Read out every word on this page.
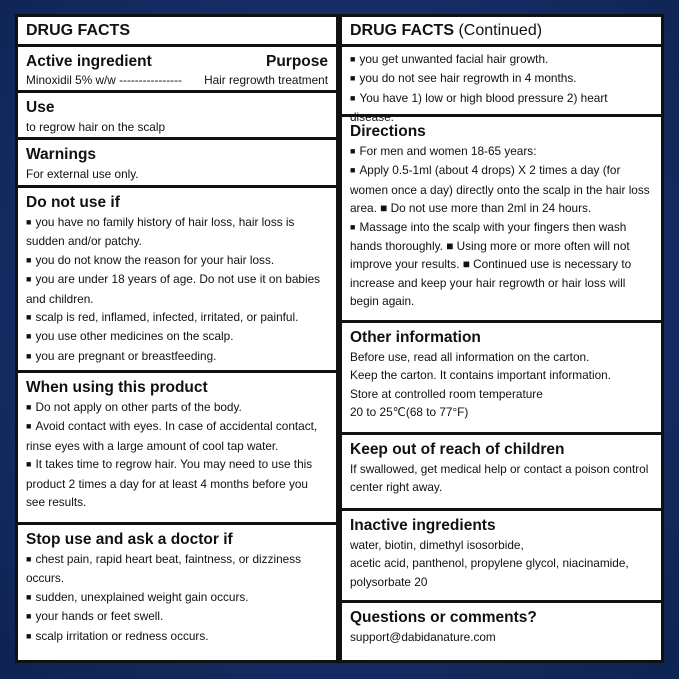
DRUG FACTS
Active ingredient	Purpose
Minoxidil 5% w/w ---------------- Hair regrowth treatment
Use
to regrow hair on the scalp
Warnings
For external use only.
Do not use if
■ you have no family history of hair loss, hair loss is sudden and/or patchy.
■ you do not know the reason for your hair loss.
■ you are under 18 years of age. Do not use it on babies and children.
■ scalp is red, inflamed, infected, irritated, or painful.
■ you use other medicines on the scalp.
■ you are pregnant or breastfeeding.
When using this product
■ Do not apply on other parts of the body.
■ Avoid contact with eyes. In case of accidental contact, rinse eyes with a large amount of cool tap water.
■ It takes time to regrow hair. You may need to use this product 2 times a day for at least 4 months before you see results.
Stop use and ask a doctor if
■ chest pain, rapid heart beat, faintness, or dizziness occurs.
■ sudden, unexplained weight gain occurs.
■ your hands or feet swell.
■ scalp irritation or redness occurs.
DRUG FACTS (Continued)
■ you get unwanted facial hair growth.
■ you do not see hair regrowth in 4 months.
■ You have 1) low or high blood pressure 2) heart disease.
Directions
■ For men and women 18-65 years:
■ Apply 0.5-1ml (about 4 drops) X 2 times a day (for women once a day) directly onto the scalp in the hair loss area. ■ Do not use more than 2ml in 24 hours.
■ Massage into the scalp with your fingers then wash hands thoroughly. ■ Using more or more often will not improve your results. ■ Continued use is necessary to increase and keep your hair regrowth or hair loss will begin again.
Other information
Before use, read all information on the carton.
Keep the carton. It contains important information.
Store at controlled room temperature
20 to 25℃(68 to 77°F)
Keep out of reach of children
If swallowed, get medical help or contact a poison control center right away.
Inactive ingredients
water, biotin, dimethyl isosorbide,
acetic acid, panthenol, propylene glycol, niacinamide,
polysorbate 20
Questions or comments?
support@dabidanature.com
